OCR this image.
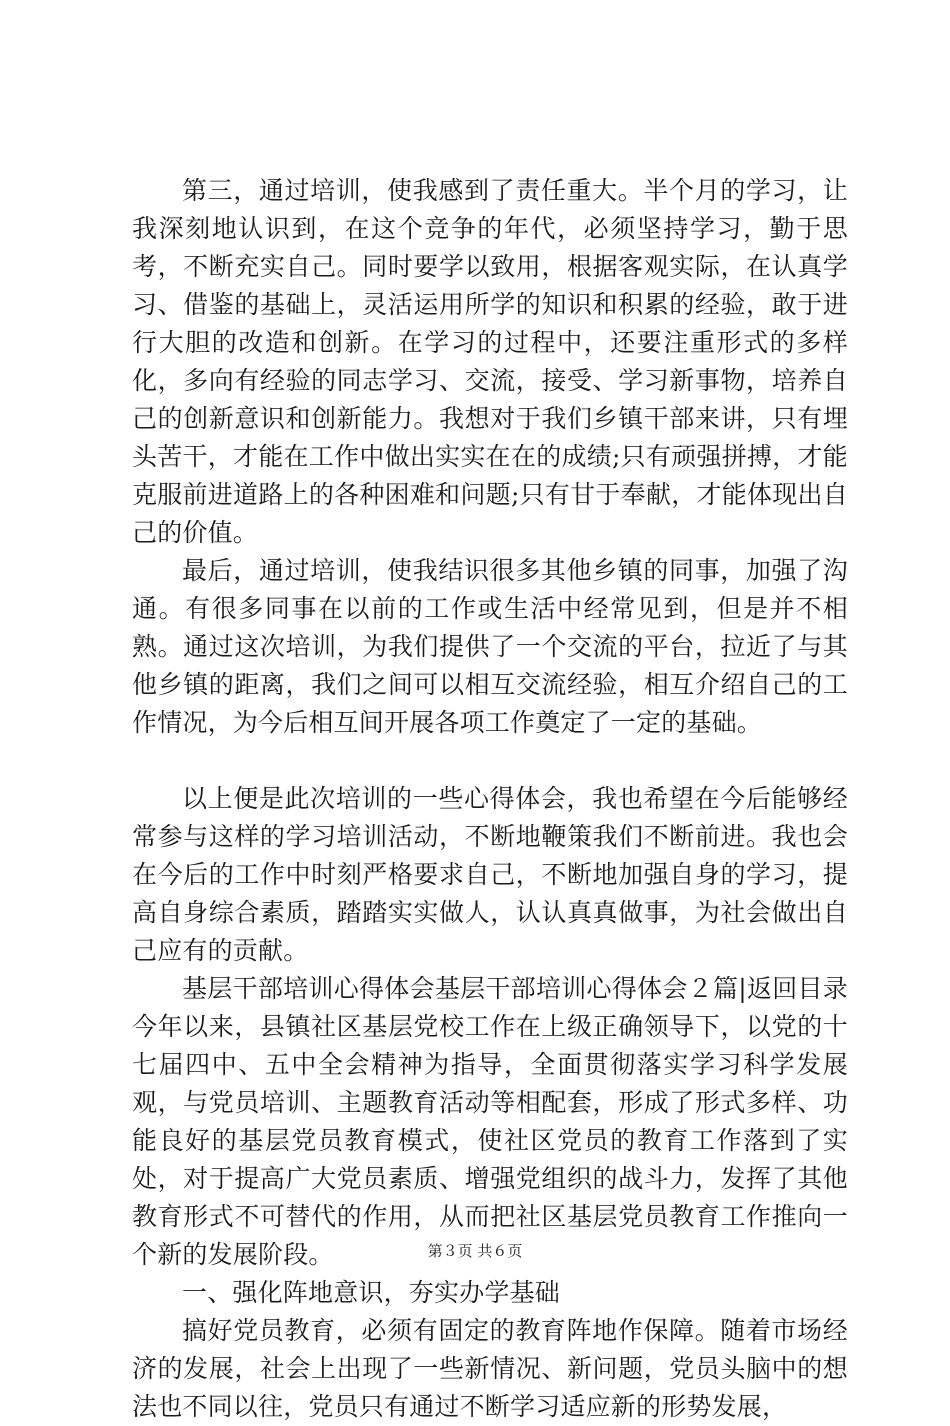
第三，通过培训，使我感到了责任重大。半个月的学习，让我深刻地认识到，在这个竞争的年代，必须坚持学习，勤于思考，不断充实自己。同时要学以致用，根据客观实际，在认真学习、借鉴的基础上，灵活运用所学的知识和积累的经验，敢于进行大胆的改造和创新。在学习的过程中，还要注重形式的多样化，多向有经验的同志学习、交流，接受、学习新事物，培养自己的创新意识和创新能力。我想对于我们乡镇干部来讲，只有埋头苦干，才能在工作中做出实实在在的成绩;只有顽强拼搏，才能克服前进道路上的各种困难和问题;只有甘于奉献，才能体现出自己的价值。

最后，通过培训，使我结识很多其他乡镇的同事，加强了沟通。有很多同事在以前的工作或生活中经常见到，但是并不相熟。通过这次培训，为我们提供了一个交流的平台，拉近了与其他乡镇的距离，我们之间可以相互交流经验，相互介绍自己的工作情况，为今后相互间开展各项工作奠定了一定的基础。

以上便是此次培训的一些心得体会，我也希望在今后能够经常参与这样的学习培训活动，不断地鞭策我们不断前进。我也会在今后的工作中时刻严格要求自己，不断地加强自身的学习，提高自身综合素质，踏踏实实做人，认认真真做事，为社会做出自己应有的贡献。

基层干部培训心得体会基层干部培训心得体会２篇|返回目录今年以来，县镇社区基层党校工作在上级正确领导下，以党的十七届四中、五中全会精神为指导，全面贯彻落实学习科学发展观，与党员培训、主题教育活动等相配套，形成了形式多样、功能良好的基层党员教育模式，使社区党员的教育工作落到了实处，对于提高广大党员素质、增强党组织的战斗力，发挥了其他教育形式不可替代的作用，从而把社区基层党员教育工作推向一个新的发展阶段。

一、强化阵地意识，夯实办学基础

搞好党员教育，必须有固定的教育阵地作保障。随着市场经济的发展，社会上出现了一些新情况、新问题，党员头脑中的想法也不同以往，党员只有通过不断学习适应新的形势发展，

第３页 共６页
